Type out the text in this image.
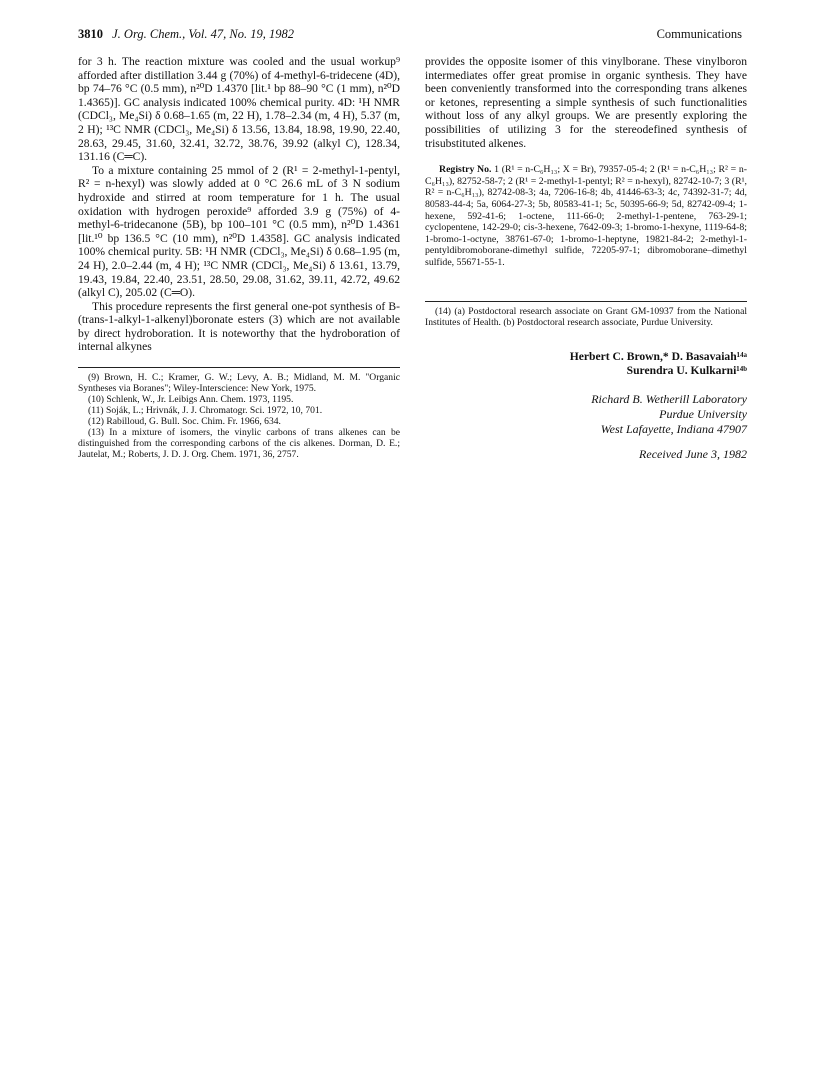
3810 J. Org. Chem., Vol. 47, No. 19, 1982	Communications

for 3 h. The reaction mixture was cooled and the usual workup⁹ afforded after distillation 3.44 g (70%) of 4-methyl-6-tridecene (4D), bp 74–76 °C (0.5 mm), n²⁰D 1.4370 [lit.¹ bp 88–90 °C (1 mm), n²⁰D 1.4365)]. GC analysis indicated 100% chemical purity. 4D: ¹H NMR (CDCl₃, Me₄Si) δ 0.68–1.65 (m, 22 H), 1.78–2.34 (m, 4 H), 5.37 (m, 2 H); ¹³C NMR (CDCl₃, Me₄Si) δ 13.56, 13.84, 18.98, 19.90, 22.40, 28.63, 29.45, 31.60, 32.41, 32.72, 38.76, 39.92 (alkyl C), 128.34, 131.16 (C═C).

To a mixture containing 25 mmol of 2 (R¹ = 2-methyl-1-pentyl, R² = n-hexyl) was slowly added at 0 °C 26.6 mL of 3 N sodium hydroxide and stirred at room temperature for 1 h. The usual oxidation with hydrogen peroxide⁹ afforded 3.9 g (75%) of 4-methyl-6-tridecanone (5B), bp 100–101 °C (0.5 mm), n²⁰D 1.4361 [lit.¹⁰ bp 136.5 °C (10 mm), n²⁰D 1.4358]. GC analysis indicated 100% chemical purity. 5B: ¹H NMR (CDCl₃, Me₄Si) δ 0.68–1.95 (m, 24 H), 2.0–2.44 (m, 4 H); ¹³C NMR (CDCl₃, Me₄Si) δ 13.61, 13.79, 19.43, 19.84, 22.40, 23.51, 28.50, 29.08, 31.62, 39.11, 42.72, 49.62 (alkyl C), 205.02 (C═O).

This procedure represents the first general one-pot synthesis of B-(trans-1-alkyl-1-alkenyl)boronate esters (3) which are not available by direct hydroboration. It is noteworthy that the hydroboration of internal alkynes

(9) Brown, H. C.; Kramer, G. W.; Levy, A. B.; Midland, M. M. "Organic Syntheses via Boranes"; Wiley-Interscience: New York, 1975.
(10) Schlenk, W., Jr. Leibigs Ann. Chem. 1973, 1195.
(11) Soják, L.; Hrivnák, J. J. Chromatogr. Sci. 1972, 10, 701.
(12) Rabilloud, G. Bull. Soc. Chim. Fr. 1966, 634.
(13) In a mixture of isomers, the vinylic carbons of trans alkenes can be distinguished from the corresponding carbons of the cis alkenes. Dorman, D. E.; Jautelat, M.; Roberts, J. D. J. Org. Chem. 1971, 36, 2757.

provides the opposite isomer of this vinylborane. These vinylboron intermediates offer great promise in organic synthesis. They have been conveniently transformed into the corresponding trans alkenes or ketones, representing a simple synthesis of such functionalities without loss of any alkyl groups. We are presently exploring the possibilities of utilizing 3 for the stereodefined synthesis of trisubstituted alkenes.

Registry No. 1 (R¹ = n-C₆H₁₃; X = Br), 79357-05-4; 2 (R¹ = n-C₆H₁₃; R² = n-C₆H₁₃), 82752-58-7; 2 (R¹ = 2-methyl-1-pentyl; R² = n-hexyl), 82742-10-7; 3 (R¹, R² = n-C₆H₁₃), 82742-08-3; 4a, 7206-16-8; 4b, 41446-63-3; 4c, 74392-31-7; 4d, 80583-44-4; 5a, 6064-27-3; 5b, 80583-41-1; 5c, 50395-66-9; 5d, 82742-09-4; 1-hexene, 592-41-6; 1-octene, 111-66-0; 2-methyl-1-pentene, 763-29-1; cyclopentene, 142-29-0; cis-3-hexene, 7642-09-3; 1-bromo-1-hexyne, 1119-64-8; 1-bromo-1-octyne, 38761-67-0; 1-bromo-1-heptyne, 19821-84-2; 2-methyl-1-pentyldibromoborane-dimethyl sulfide, 72205-97-1; dibromoborane–dimethyl sulfide, 55671-55-1.

(14) (a) Postdoctoral research associate on Grant GM-10937 from the National Institutes of Health. (b) Postdoctoral research associate, Purdue University.
Herbert C. Brown,* D. Basavaiah¹⁴ᵃ
Surendra U. Kulkarni¹⁴ᵇ
Richard B. Wetherill Laboratory
Purdue University
West Lafayette, Indiana 47907
Received June 3, 1982
